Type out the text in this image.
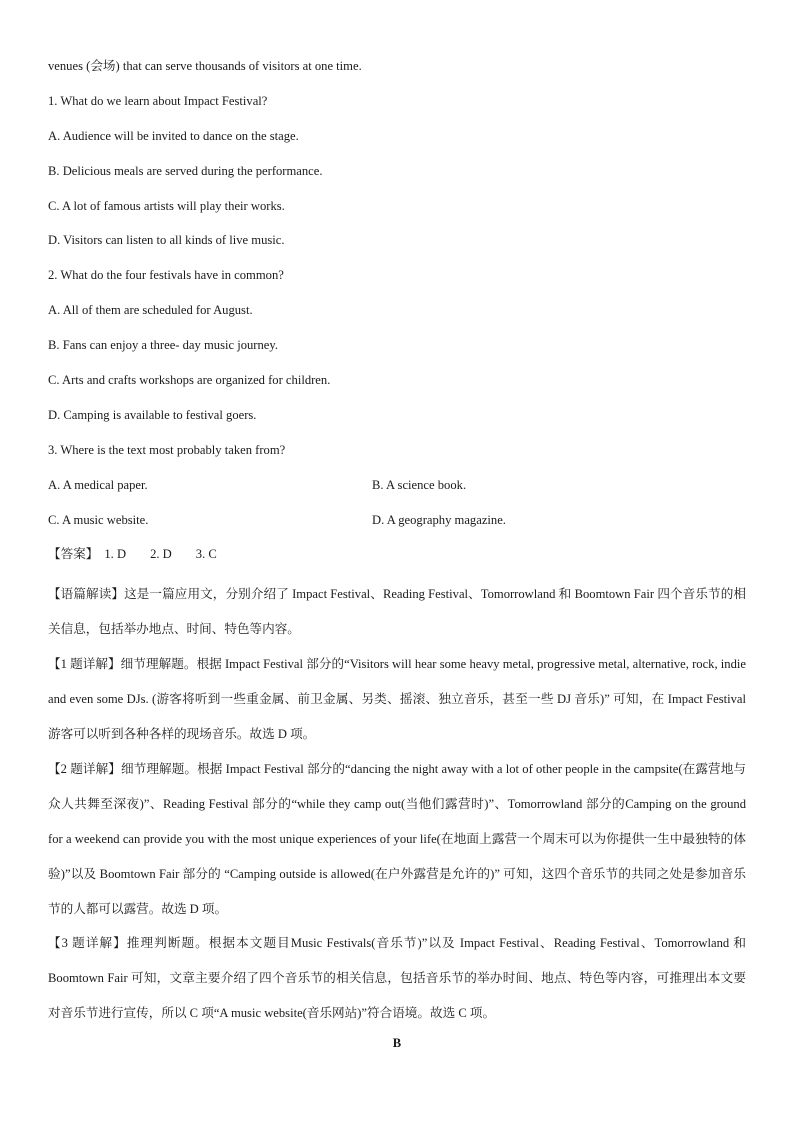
venues (会场) that can serve thousands of visitors at one time.
1. What do we learn about Impact Festival?
A. Audience will be invited to dance on the stage.
B. Delicious meals are served during the performance.
C. A lot of famous artists will play their works.
D. Visitors can listen to all kinds of live music.
2. What do the four festivals have in common?
A. All of them are scheduled for August.
B. Fans can enjoy a three- day music journey.
C. Arts and crafts workshops are organized for children.
D. Camping is available to festival goers.
3. Where is the text most probably taken from?
A. A medical paper.	B. A science book.
C. A music website.	D. A geography magazine.
【答案】 1. D 2. D 3. C
【语篇解读】这是一篇应用文，分别介绍了 Impact Festival、Reading Festival、Tomorrowland 和 Boomtown Fair 四个音乐节的相关信息，包括举办地点、时间、特色等内容。
【1 题详解】细节理解题。根据 Impact Festival 部分的“Visitors will hear some heavy metal, progressive metal, alternative, rock, indie and even some DJs. (游客将听到一些重金属、前卫金属、另类、摇滚、独立音乐，甚至一些 DJ 音乐)” 可知，在 Impact Festival 游客可以听到各种各样的现场音乐。故选 D 项。
【2 题详解】细节理解题。根据 Impact Festival 部分的“dancing the night away with a lot of other people in the campsite(在露营地与众人共舞至深夜)”、Reading Festival 部分的“while they camp out(当他们露营时)”、Tomorrowland 部分的Camping on the ground for a weekend can provide you with the most unique experiences of your life(在地面上露营一个周末可以为你提供一生中最独特的体验)”以及 Boomtown Fair 部分的 “Camping outside is allowed(在户外露营是允许的)” 可知，这四个音乐节的共同之处是参加音乐节的人都可以露营。故选 D 项。
【3 题详解】推理判断题。根据本文题目Music Festivals(音乐节)”以及 Impact Festival、Reading Festival、Tomorrowland 和 Boomtown Fair 可知，文章主要介绍了四个音乐节的相关信息，包括音乐节的举办时间、地点、特色等内容，可推理出本文要对音乐节进行宣传，所以 C 项“A music website(音乐网站)”符合语境。故选 C 项。
B
